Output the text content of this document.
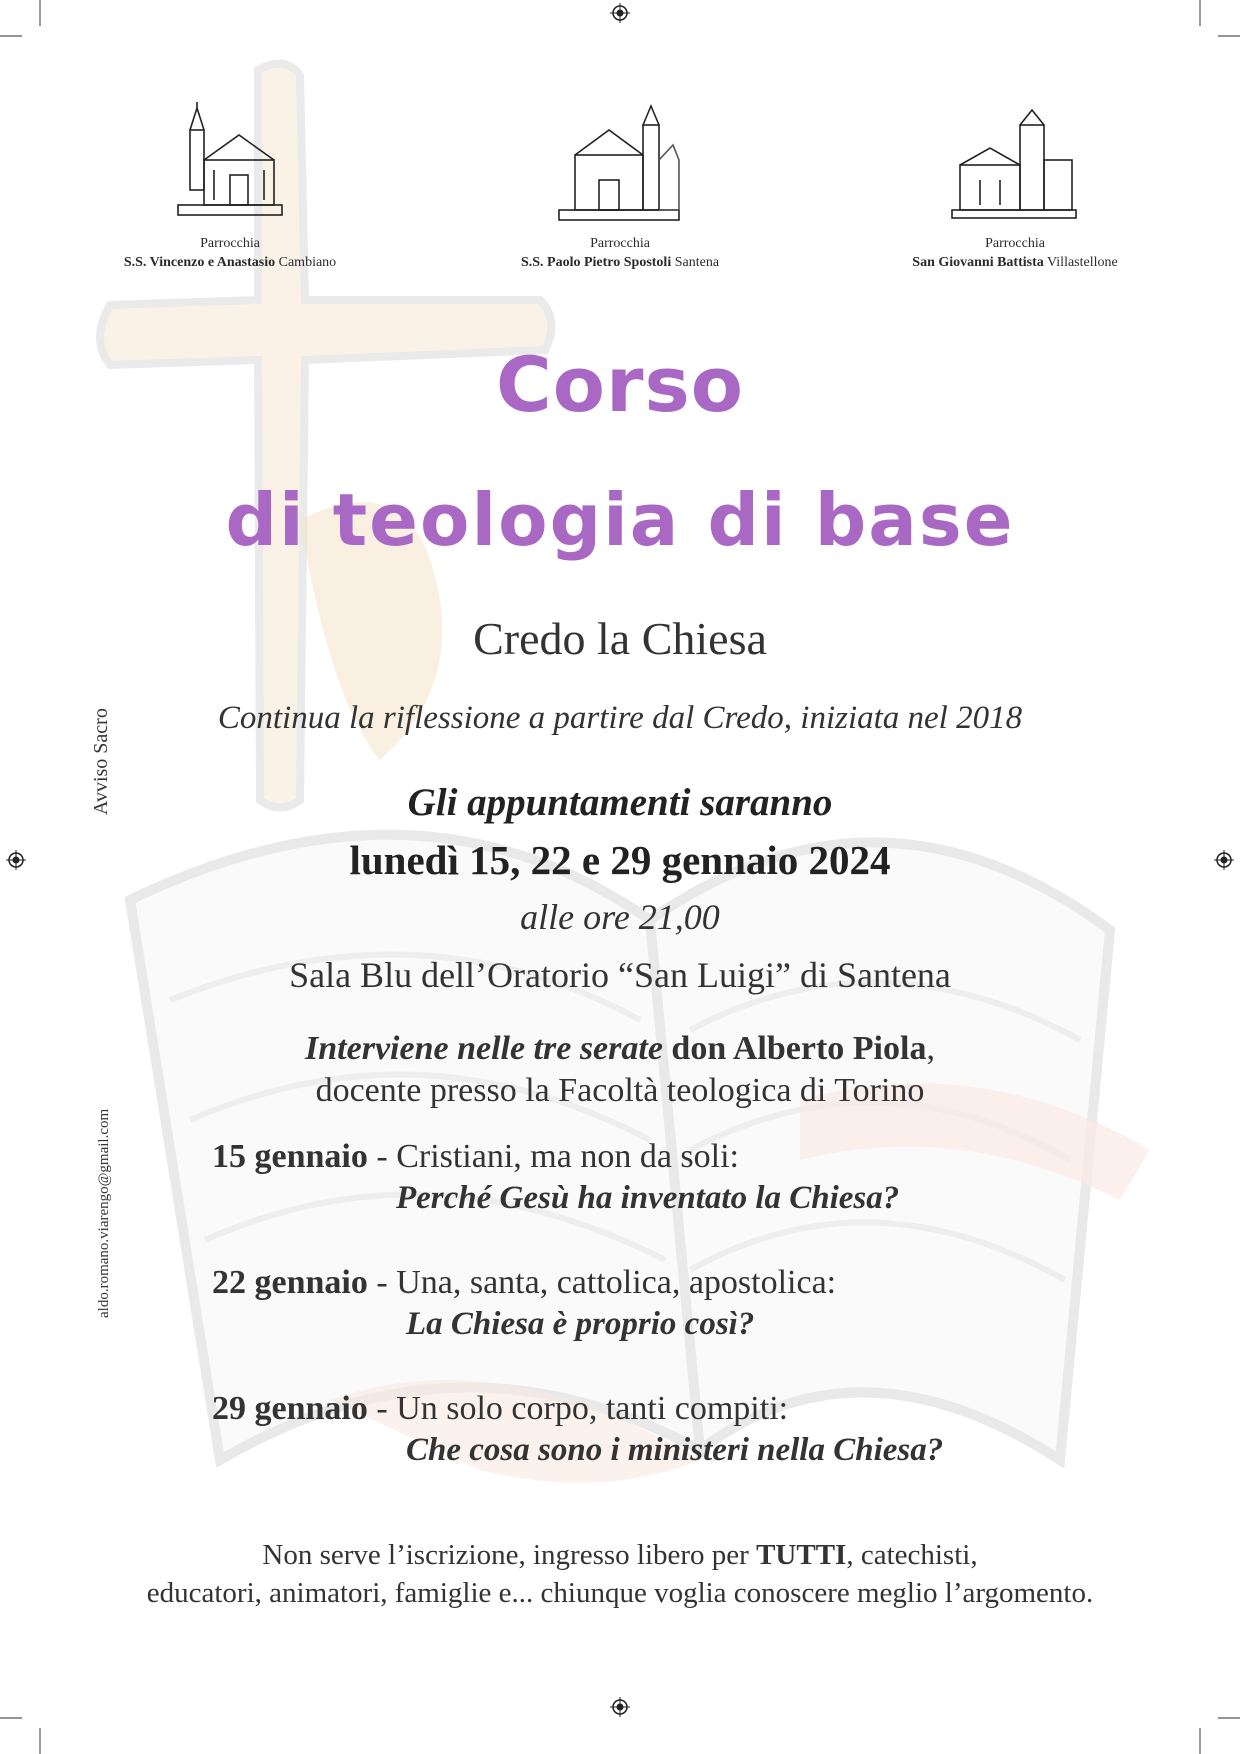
Parrocchia
S.S. Vincenzo e Anastasio Cambiano
Parrocchia
S.S. Paolo Pietro Spostoli Santena
Parrocchia
San Giovanni Battista Villastellone
Corso
di teologia di base
Credo la Chiesa
Continua la riflessione a partire dal Credo, iniziata nel 2018
Gli appuntamenti saranno
lunedì 15, 22 e 29 gennaio 2024
alle ore 21,00
Sala Blu dell’Oratorio “San Luigi” di Santena
Interviene nelle tre serate don Alberto Piola,
docente presso la Facoltà teologica di Torino
15 gennaio - Cristiani, ma non da soli:
Perché Gesù ha inventato la Chiesa?
22 gennaio - Una, santa, cattolica, apostolica:
La Chiesa è proprio così?
29 gennaio - Un solo corpo, tanti compiti:
Che cosa sono i ministeri nella Chiesa?
Non serve l’iscrizione, ingresso libero per TUTTI, catechisti,
educatori, animatori, famiglie e... chiunque voglia conoscere meglio l’argomento.
Avviso Sacro
aldo.romano.viarengo@gmail.com
